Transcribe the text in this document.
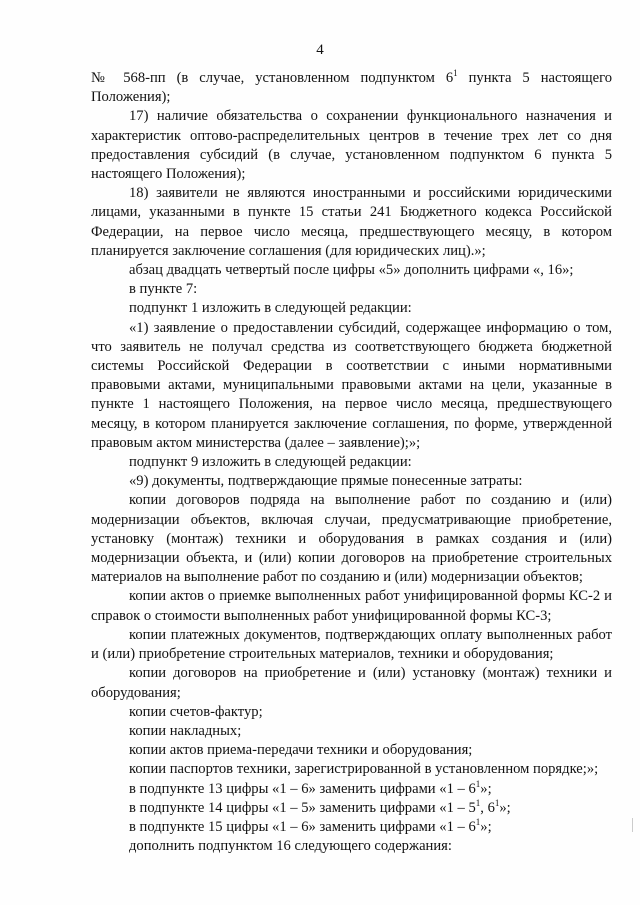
4

№ 568-пп (в случае, установленном подпунктом $6^1$ пункта 5 настоящего Положения);

17) наличие обязательства о сохранении функционального назначения и характеристик оптово-распределительных центров в течение трех лет со дня предоставления субсидий (в случае, установленном подпунктом 6 пункта 5 настоящего Положения);

18) заявители не являются иностранными и российскими юридическими лицами, указанными в пункте 15 статьи 241 Бюджетного кодекса Российской Федерации, на первое число месяца, предшествующего месяцу, в котором планируется заключение соглашения (для юридических лиц).»;

абзац двадцать четвертый после цифры «5» дополнить цифрами «, 16»;

в пункте 7:

подпункт 1 изложить в следующей редакции:

«1) заявление о предоставлении субсидий, содержащее информацию о том, что заявитель не получал средства из соответствующего бюджета бюджетной системы Российской Федерации в соответствии с иными нормативными правовыми актами, муниципальными правовыми актами на цели, указанные в пункте 1 настоящего Положения, на первое число месяца, предшествующего месяцу, в котором планируется заключение соглашения, по форме, утвержденной правовым актом министерства (далее – заявление);»;

подпункт 9 изложить в следующей редакции:

«9) документы, подтверждающие прямые понесенные затраты:

копии договоров подряда на выполнение работ по созданию и (или) модернизации объектов, включая случаи, предусматривающие приобретение, установку (монтаж) техники и оборудования в рамках создания и (или) модернизации объекта, и (или) копии договоров на приобретение строительных материалов на выполнение работ по созданию и (или) модернизации объектов;

копии актов о приемке выполненных работ унифицированной формы КС-2 и справок о стоимости выполненных работ унифицированной формы КС-3;

копии платежных документов, подтверждающих оплату выполненных работ и (или) приобретение строительных материалов, техники и оборудования;

копии договоров на приобретение и (или) установку (монтаж) техники и оборудования;

копии счетов-фактур;

копии накладных;

копии актов приема-передачи техники и оборудования;

копии паспортов техники, зарегистрированной в установленном порядке;»;

в подпункте 13 цифры «1 – 6» заменить цифрами «$1 - 6^1$»;

в подпункте 14 цифры «1 – 5» заменить цифрами «$1 - 5^1$, $6^1$»;

в подпункте 15 цифры «1 – 6» заменить цифрами «$1 - 6^1$»;

дополнить подпунктом 16 следующего содержания:
